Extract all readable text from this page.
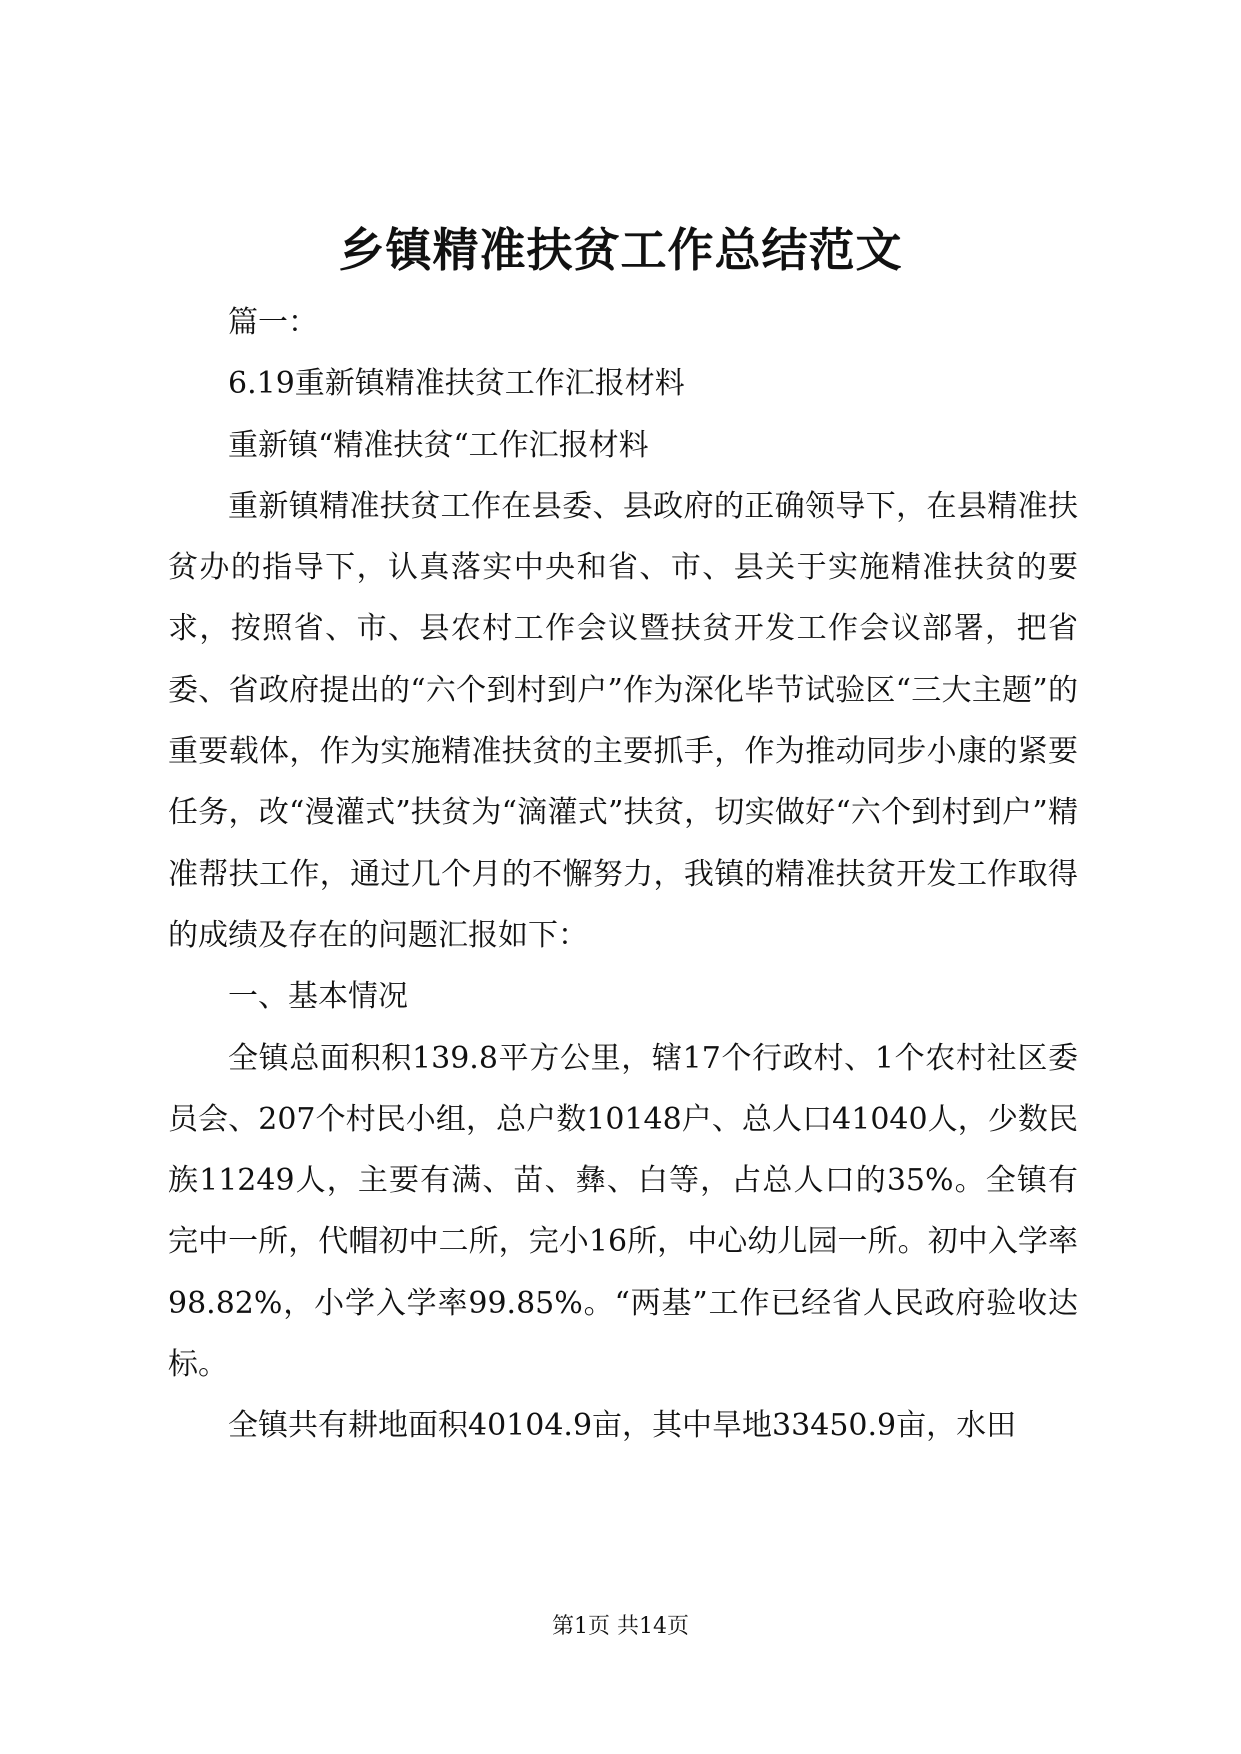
乡镇精准扶贫工作总结范文

篇一：

6.19重新镇精准扶贫工作汇报材料

重新镇“精准扶贫“工作汇报材料

重新镇精准扶贫工作在县委、县政府的正确领导下，在县精准扶贫办的指导下，认真落实中央和省、市、县关于实施精准扶贫的要求，按照省、市、县农村工作会议暨扶贫开发工作会议部署，把省委、省政府提出的“六个到村到户”作为深化毕节试验区“三大主题”的重要载体，作为实施精准扶贫的主要抓手，作为推动同步小康的紧要任务，改“漫灌式”扶贫为“滴灌式”扶贫，切实做好“六个到村到户”精准帮扶工作，通过几个月的不懈努力，我镇的精准扶贫开发工作取得的成绩及存在的问题汇报如下：

一、基本情况

全镇总面积积139.8平方公里，辖17个行政村、1个农村社区委员会、207个村民小组，总户数10148户、总人口41040人，少数民族11249人，主要有满、苗、彝、白等，占总人口的35%。全镇有完中一所，代帽初中二所，完小16所，中心幼儿园一所。初中入学率98.82%，小学入学率99.85%。“两基”工作已经省人民政府验收达标。

全镇共有耕地面积40104.9亩，其中旱地33450.9亩，水田

第1页 共14页
